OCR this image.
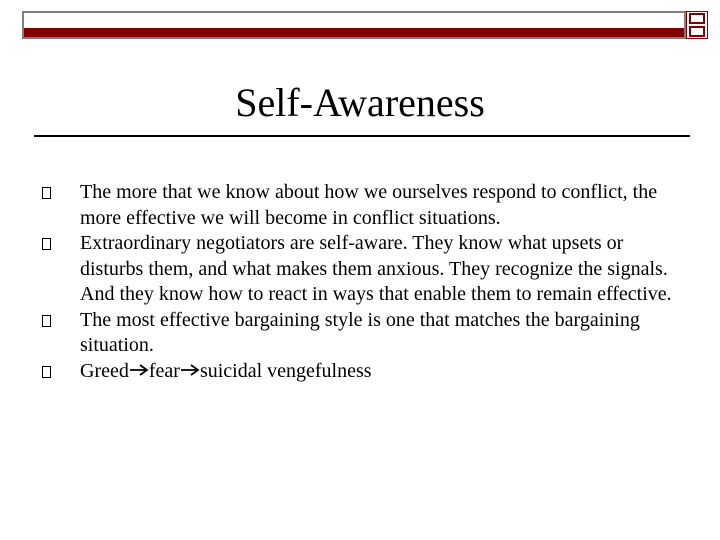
Self-Awareness
The more that we know about how we ourselves respond to conflict, the more effective we will become in conflict situations.
Extraordinary negotiators are self-aware. They know what upsets or disturbs them, and what makes them anxious. They recognize the signals. And they know how to react in ways that enable them to remain effective.
The most effective bargaining style is one that matches the bargaining situation.
Greed fear suicidal vengefulness
